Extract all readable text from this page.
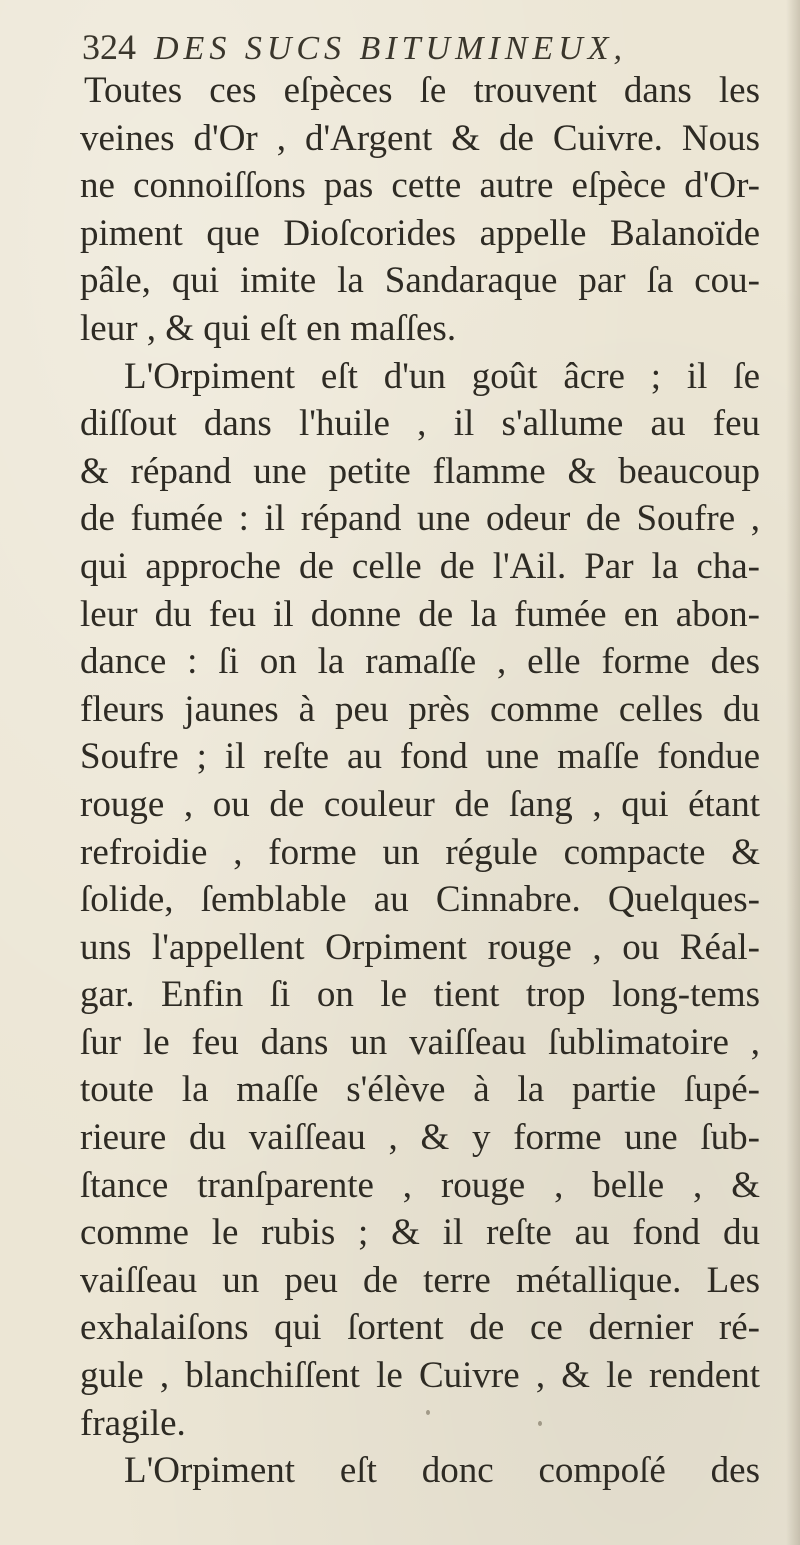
324 DES SUCS BITUMINEUX,
Toutes ces eſpèces ſe trouvent dans les
veines d'Or , d'Argent & de Cuivre. Nous
ne connoiſſons pas cette autre eſpèce d'Or-
piment que Dioſcorides appelle Balanoïde
pâle, qui imite la Sandaraque par ſa cou-
leur , & qui eſt en maſſes.
L'Orpiment eſt d'un goût âcre ; il ſe
diſſout dans l'huile , il s'allume au feu
& répand une petite flamme & beaucoup
de fumée : il répand une odeur de Soufre ,
qui approche de celle de l'Ail. Par la cha-
leur du feu il donne de la fumée en abon-
dance : ſi on la ramaſſe , elle forme des
fleurs jaunes à peu près comme celles du
Soufre ; il reſte au fond une maſſe fondue
rouge , ou de couleur de ſang , qui étant
refroidie , forme un régule compacte &
ſolide, ſemblable au Cinnabre. Quelques-
uns l'appellent Orpiment rouge , ou Réal-
gar. Enfin ſi on le tient trop long-tems
ſur le feu dans un vaiſſeau ſublimatoire ,
toute la maſſe s'élève à la partie ſupé-
rieure du vaiſſeau , & y forme une ſub-
ſtance tranſparente , rouge , belle , &
comme le rubis ; & il reſte au fond du
vaiſſeau un peu de terre métallique. Les
exhalaiſons qui ſortent de ce dernier ré-
gule , blanchiſſent le Cuivre , & le rendent
fragile.
L'Orpiment eſt donc compoſé des
